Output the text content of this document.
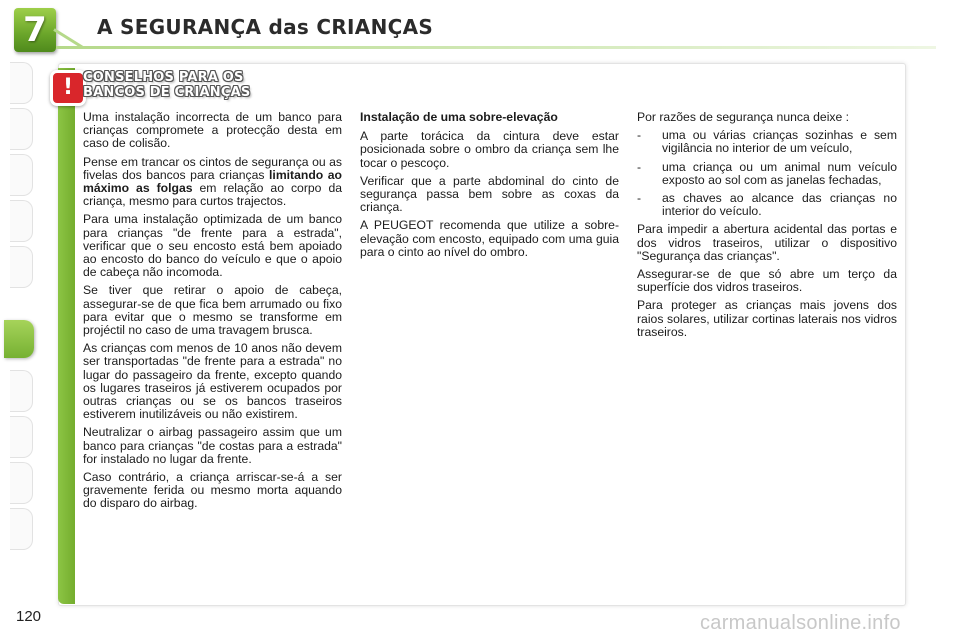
7	A SEGURANÇA das CRIANÇAS
! CONSELHOS PARA OS
BANCOS DE CRIANÇAS

Uma instalação incorrecta de um banco para crianças compromete a protecção desta em caso de colisão.

Pense em trancar os cintos de segurança ou as fivelas dos bancos para crianças limitando ao máximo as folgas em relação ao corpo da criança, mesmo para curtos trajectos.

Para uma instalação optimizada de um banco para crianças "de frente para a estrada", verificar que o seu encosto está bem apoiado ao encosto do banco do veículo e que o apoio de cabeça não incomoda.

Se tiver que retirar o apoio de cabeça, assegurar-se de que fica bem arrumado ou fixo para evitar que o mesmo se transforme em projéctil no caso de uma travagem brusca.

As crianças com menos de 10 anos não devem ser transportadas "de frente para a estrada" no lugar do passageiro da frente, excepto quando os lugares traseiros já estiverem ocupados por outras crianças ou se os bancos traseiros estiverem inutilizáveis ou não existirem.

Neutralizar o airbag passageiro assim que um banco para crianças "de costas para a estrada" for instalado no lugar da frente.

Caso contrário, a criança arriscar-se-á a ser gravemente ferida ou mesmo morta aquando do disparo do airbag.

Instalação de uma sobre-elevação

A parte torácica da cintura deve estar posicionada sobre o ombro da criança sem lhe tocar o pescoço.

Verificar que a parte abdominal do cinto de segurança passa bem sobre as coxas da criança.

A PEUGEOT recomenda que utilize a sobre-elevação com encosto, equipado com uma guia para o cinto ao nível do ombro.

Por razões de segurança nunca deixe :

- uma ou várias crianças sozinhas e sem vigilância no interior de um veículo,
- uma criança ou um animal num veículo exposto ao sol com as janelas fechadas,
- as chaves ao alcance das crianças no interior do veículo.

Para impedir a abertura acidental das portas e dos vidros traseiros, utilizar o dispositivo "Segurança das crianças".

Assegurar-se de que só abre um terço da superfície dos vidros traseiros.

Para proteger as crianças mais jovens dos raios solares, utilizar cortinas laterais nos vidros traseiros.

120	carmanualsonline.info
